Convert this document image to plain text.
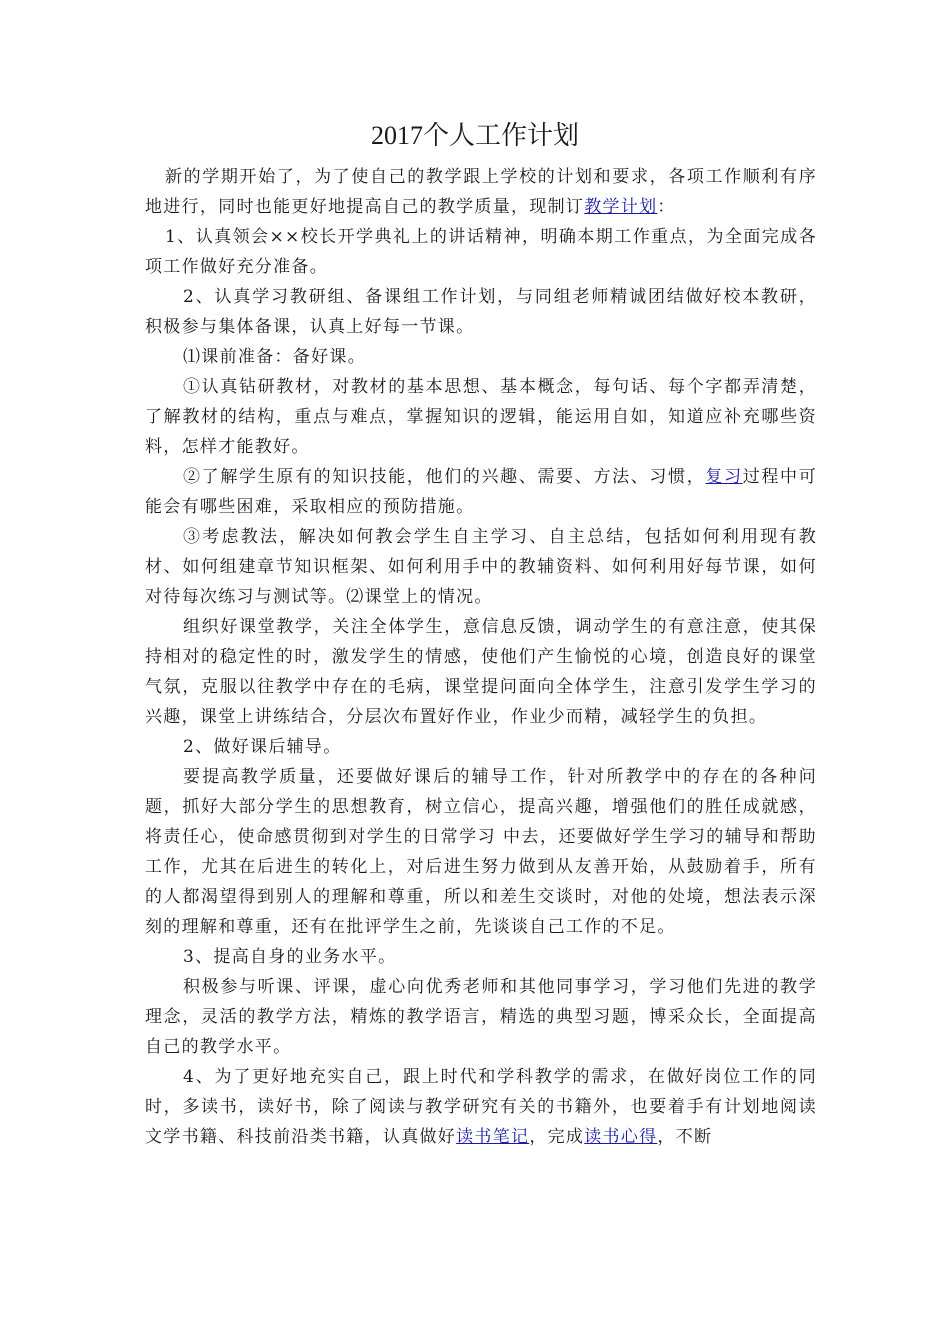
2017个人工作计划

新的学期开始了，为了使自己的教学跟上学校的计划和要求，各项工作顺利有序地进行，同时也能更好地提高自己的教学质量，现制订教学计划：

1、认真领会××校长开学典礼上的讲话精神，明确本期工作重点，为全面完成各项工作做好充分准备。

2、认真学习教研组、备课组工作计划，与同组老师精诚团结做好校本教研，积极参与集体备课，认真上好每一节课。

⑴课前准备：备好课。

①认真钻研教材，对教材的基本思想、基本概念，每句话、每个字都弄清楚，了解教材的结构，重点与难点，掌握知识的逻辑，能运用自如，知道应补充哪些资料，怎样才能教好。

②了解学生原有的知识技能，他们的兴趣、需要、方法、习惯，复习过程中可能会有哪些困难，采取相应的预防措施。

③考虑教法，解决如何教会学生自主学习、自主总结，包括如何利用现有教材、如何组建章节知识框架、如何利用手中的教辅资料、如何利用好每节课，如何对待每次练习与测试等。⑵课堂上的情况。

组织好课堂教学，关注全体学生，意信息反馈，调动学生的有意注意，使其保持相对的稳定性的时，激发学生的情感，使他们产生愉悦的心境，创造良好的课堂气氛，克服以往教学中存在的毛病，课堂提问面向全体学生，注意引发学生学习的兴趣，课堂上讲练结合，分层次布置好作业，作业少而精，减轻学生的负担。

2、做好课后辅导。

要提高教学质量，还要做好课后的辅导工作，针对所教学中的存在的各种问题，抓好大部分学生的思想教育，树立信心，提高兴趣，增强他们的胜任成就感，将责任心，使命感贯彻到对学生的日常学习 中去，还要做好学生学习的辅导和帮助工作，尤其在后进生的转化上，对后进生努力做到从友善开始，从鼓励着手，所有的人都渴望得到别人的理解和尊重，所以和差生交谈时，对他的处境，想法表示深刻的理解和尊重，还有在批评学生之前，先谈谈自己工作的不足。

3、提高自身的业务水平。

积极参与听课、评课，虚心向优秀老师和其他同事学习，学习他们先进的教学理念，灵活的教学方法，精炼的教学语言，精选的典型习题，博采众长，全面提高自己的教学水平。

4、为了更好地充实自己，跟上时代和学科教学的需求，在做好岗位工作的同时，多读书，读好书，除了阅读与教学研究有关的书籍外，也要着手有计划地阅读文学书籍、科技前沿类书籍，认真做好读书笔记，完成读书心得，不断
